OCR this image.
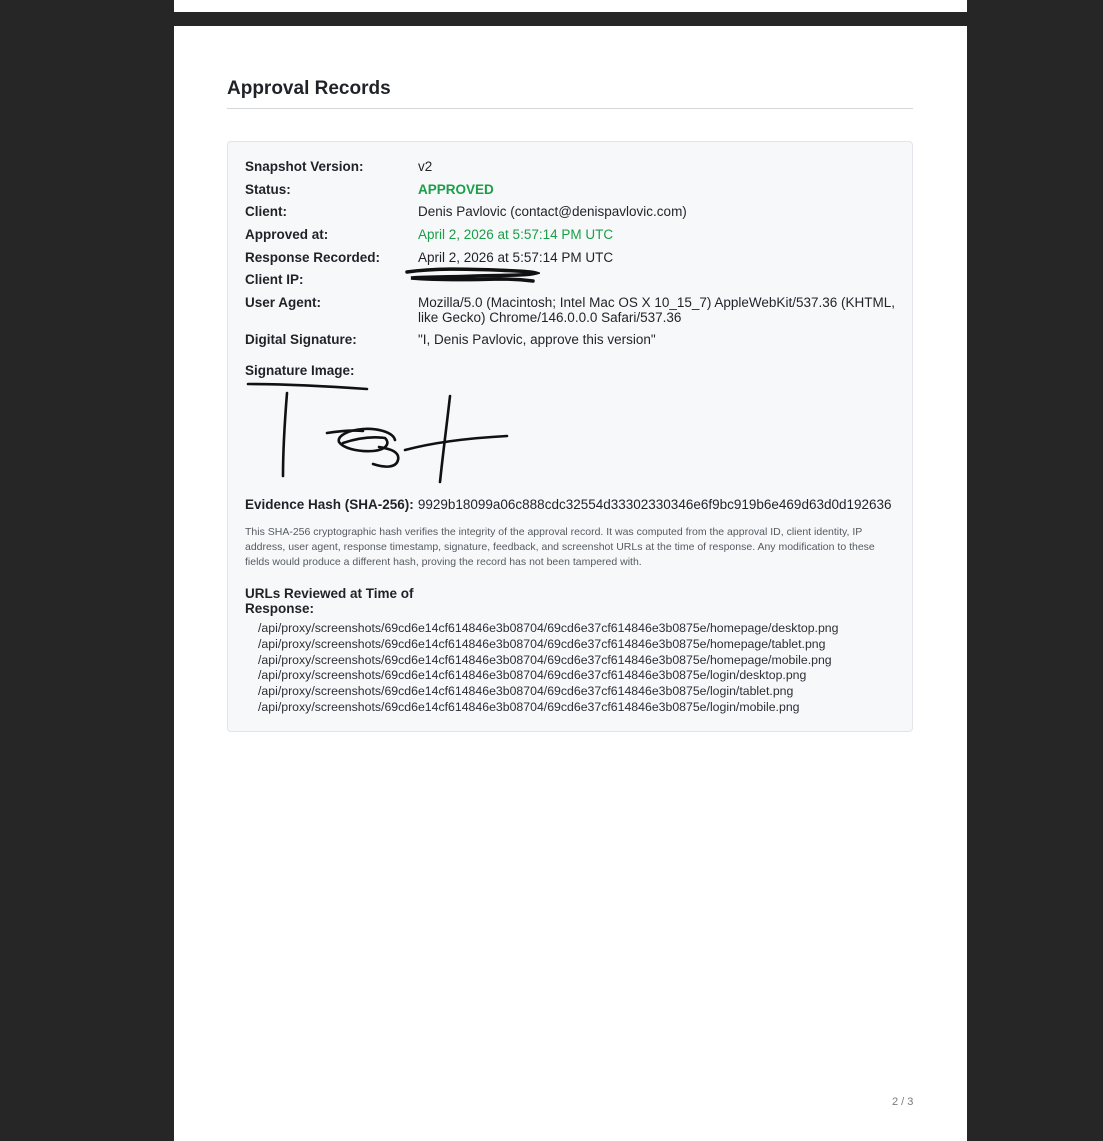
Approval Records
Snapshot Version:	v2
Status:	APPROVED
Client:	Denis Pavlovic (contact@denispavlovic.com)
Approved at:	April 2, 2026 at 5:57:14 PM UTC
Response Recorded:	April 2, 2026 at 5:57:14 PM UTC
Client IP:
User Agent:	Mozilla/5.0 (Macintosh; Intel Mac OS X 10_15_7) AppleWebKit/537.36 (KHTML, like Gecko) Chrome/146.0.0.0 Safari/537.36
Digital Signature:	"I, Denis Pavlovic, approve this version"
Signature Image:
Evidence Hash (SHA-256): 9929b18099a06c888cdc32554d33302330346e6f9bc919b6e469d63d0d192636

This SHA-256 cryptographic hash verifies the integrity of the approval record. It was computed from the approval ID, client identity, IP address, user agent, response timestamp, signature, feedback, and screenshot URLs at the time of response. Any modification to these fields would produce a different hash, proving the record has not been tampered with.

URLs Reviewed at Time of Response:
/api/proxy/screenshots/69cd6e14cf614846e3b08704/69cd6e37cf614846e3b0875e/homepage/desktop.png
/api/proxy/screenshots/69cd6e14cf614846e3b08704/69cd6e37cf614846e3b0875e/homepage/tablet.png
/api/proxy/screenshots/69cd6e14cf614846e3b08704/69cd6e37cf614846e3b0875e/homepage/mobile.png
/api/proxy/screenshots/69cd6e14cf614846e3b08704/69cd6e37cf614846e3b0875e/login/desktop.png
/api/proxy/screenshots/69cd6e14cf614846e3b08704/69cd6e37cf614846e3b0875e/login/tablet.png
/api/proxy/screenshots/69cd6e14cf614846e3b08704/69cd6e37cf614846e3b0875e/login/mobile.png
2 / 3
